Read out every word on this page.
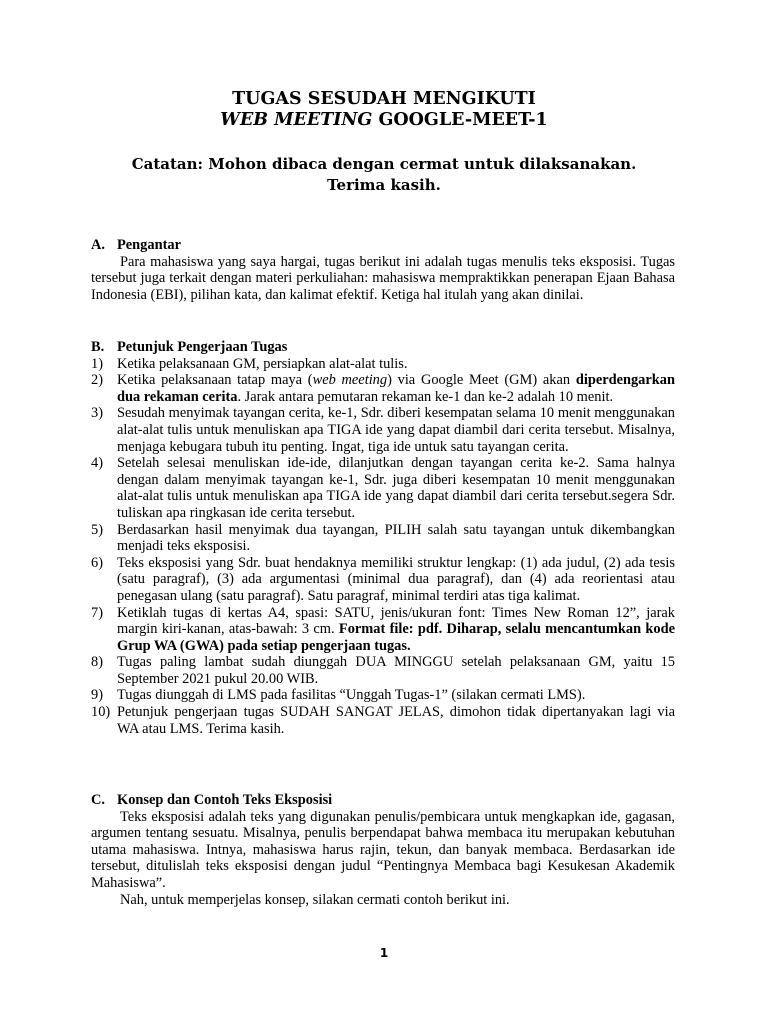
TUGAS SESUDAH MENGIKUTI
WEB MEETING GOOGLE-MEET-1
Catatan: Mohon dibaca dengan cermat untuk dilaksanakan.
Terima kasih.
A. Pengantar

Para mahasiswa yang saya hargai, tugas berikut ini adalah tugas menulis teks eksposisi. Tugas tersebut juga terkait dengan materi perkuliahan: mahasiswa mempraktikkan penerapan Ejaan Bahasa Indonesia (EBI), pilihan kata, dan kalimat efektif. Ketiga hal itulah yang akan dinilai.

B. Petunjuk Pengerjaan Tugas
1) Ketika pelaksanaan GM, persiapkan alat-alat tulis.
2) Ketika pelaksanaan tatap maya (web meeting) via Google Meet (GM) akan diperdengarkan dua rekaman cerita. Jarak antara pemutaran rekaman ke-1 dan ke-2 adalah 10 menit.
3) Sesudah menyimak tayangan cerita, ke-1, Sdr. diberi kesempatan selama 10 menit menggunakan alat-alat tulis untuk menuliskan apa TIGA ide yang dapat diambil dari cerita tersebut. Misalnya, menjaga kebugara tubuh itu penting. Ingat, tiga ide untuk satu tayangan cerita.
4) Setelah selesai menuliskan ide-ide, dilanjutkan dengan tayangan cerita ke-2. Sama halnya dengan dalam menyimak tayangan ke-1, Sdr. juga diberi kesempatan 10 menit menggunakan alat-alat tulis untuk menuliskan apa TIGA ide yang dapat diambil dari cerita tersebut.segera Sdr. tuliskan apa ringkasan ide cerita tersebut.
5) Berdasarkan hasil menyimak dua tayangan, PILIH salah satu tayangan untuk dikembangkan menjadi teks eksposisi.
6) Teks eksposisi yang Sdr. buat hendaknya memiliki struktur lengkap: (1) ada judul, (2) ada tesis (satu paragraf), (3) ada argumentasi (minimal dua paragraf), dan (4) ada reorientasi atau penegasan ulang (satu paragraf). Satu paragraf, minimal terdiri atas tiga kalimat.
7) Ketiklah tugas di kertas A4, spasi: SATU, jenis/ukuran font: Times New Roman 12”, jarak margin kiri-kanan, atas-bawah: 3 cm. Format file: pdf. Diharap, selalu mencantumkan kode Grup WA (GWA) pada setiap pengerjaan tugas.
8) Tugas paling lambat sudah diunggah DUA MINGGU setelah pelaksanaan GM, yaitu 15 September 2021 pukul 20.00 WIB.
9) Tugas diunggah di LMS pada fasilitas “Unggah Tugas-1” (silakan cermati LMS).
10) Petunjuk pengerjaan tugas SUDAH SANGAT JELAS, dimohon tidak dipertanyakan lagi via WA atau LMS. Terima kasih.
C. Konsep dan Contoh Teks Eksposisi

Teks eksposisi adalah teks yang digunakan penulis/pembicara untuk mengkapkan ide, gagasan, argumen tentang sesuatu. Misalnya, penulis berpendapat bahwa membaca itu merupakan kebutuhan utama mahasiswa. Intnya, mahasiswa harus rajin, tekun, dan banyak membaca. Berdasarkan ide tersebut, ditulislah teks eksposisi dengan judul “Pentingnya Membaca bagi Kesukesan Akademik Mahasiswa”.

Nah, untuk memperjelas konsep, silakan cermati contoh berikut ini.

1
